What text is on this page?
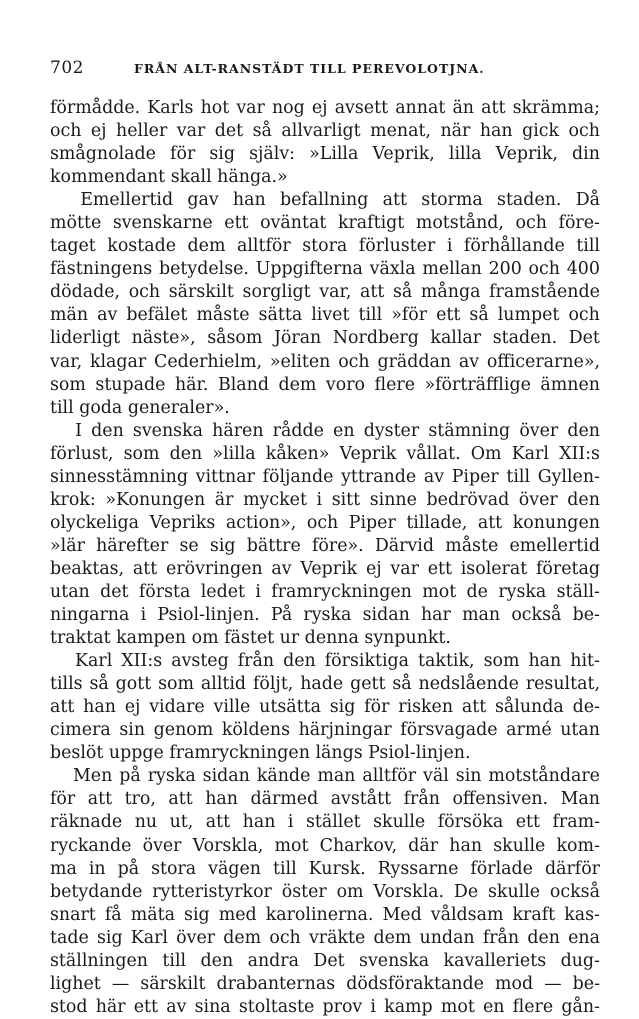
702	FRÅN ALT-RANSTÄDT TILL PEREVOLOTJNA.
förmådde. Karls hot var nog ej avsett annat än att skrämma;
och ej heller var det så allvarligt menat, när han gick och
smågnolade för sig själv: »Lilla Veprik, lilla Veprik, din
kommendant skall hänga.»
Emellertid gav han befallning att storma staden. Då
mötte svenskarne ett oväntat kraftigt motstånd, och före-
taget kostade dem alltför stora förluster i förhållande till
fästningens betydelse. Uppgifterna växla mellan 200 och 400
dödade, och särskilt sorgligt var, att så många framstående
män av befälet måste sätta livet till »för ett så lumpet och
liderligt näste», såsom Jöran Nordberg kallar staden. Det
var, klagar Cederhielm, »eliten och gräddan av officerarne»,
som stupade här. Bland dem voro flere »förträfflige ämnen
till goda generaler».
I den svenska hären rådde en dyster stämning över den
förlust, som den »lilla kåken» Veprik vållat. Om Karl XII:s
sinnesstämning vittnar följande yttrande av Piper till Gyllen-
krok: »Konungen är mycket i sitt sinne bedrövad över den
olyckeliga Vepriks action», och Piper tillade, att konungen
»lär härefter se sig bättre före». Därvid måste emellertid
beaktas, att erövringen av Veprik ej var ett isolerat företag
utan det första ledet i framryckningen mot de ryska ställ-
ningarna i Psiol-linjen. På ryska sidan har man också be-
traktat kampen om fästet ur denna synpunkt.
Karl XII:s avsteg från den försiktiga taktik, som han hit-
tills så gott som alltid följt, hade gett så nedslående resultat,
att han ej vidare ville utsätta sig för risken att sålunda de-
cimera sin genom köldens härjningar försvagade armé utan
beslöt uppge framryckningen längs Psiol-linjen.
Men på ryska sidan kände man alltför väl sin motståndare
för att tro, att han därmed avstått från offensiven. Man
räknade nu ut, att han i stället skulle försöka ett fram-
ryckande över Vorskla, mot Charkov, där han skulle kom-
ma in på stora vägen till Kursk. Ryssarne förlade därför
betydande rytteristyrkor öster om Vorskla. De skulle också
snart få mäta sig med karolinerna. Med våldsam kraft kas-
tade sig Karl över dem och vräkte dem undan från den ena
ställningen till den andra Det svenska kavalleriets dug-
lighet — särskilt drabanternas dödsföraktande mod — be-
stod här ett av sina stoltaste prov i kamp mot en flere gån-
